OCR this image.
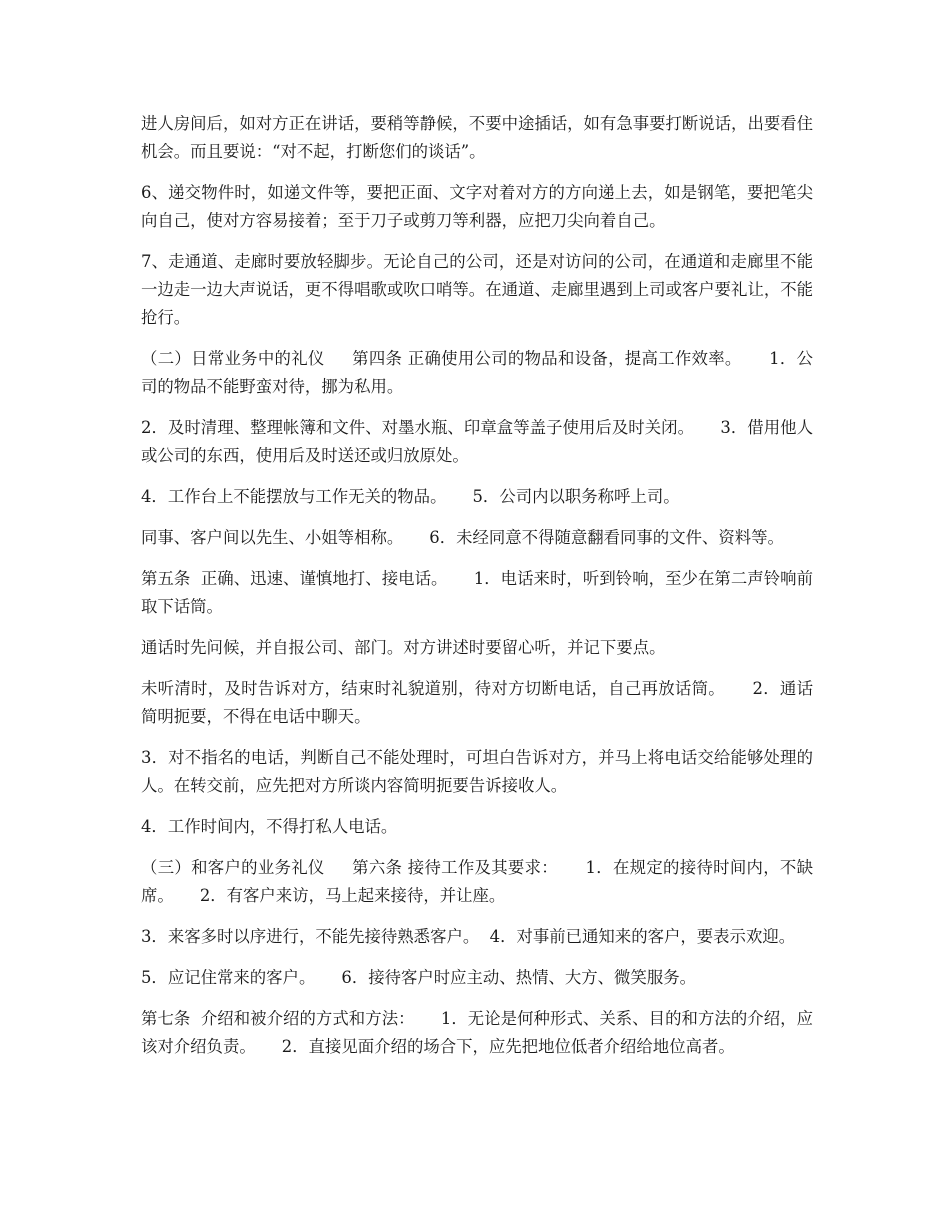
进人房间后，如对方正在讲话，要稍等静候，不要中途插话，如有急事要打断说话，出要看住机会。而且要说：“对不起，打断您们的谈话”。

6、递交物件时，如递文件等，要把正面、文字对着对方的方向递上去，如是钢笔，要把笔尖向自己，使对方容易接着；至于刀子或剪刀等利器，应把刀尖向着自己。

7、走通道、走廊时要放轻脚步。无论自己的公司，还是对访问的公司，在通道和走廊里不能一边走一边大声说话，更不得唱歌或吹口哨等。在通道、走廊里遇到上司或客户要礼让，不能抢行。

（二）日常业务中的礼仪     第四条 正确使用公司的物品和设备，提高工作效率。     1．公司的物品不能野蛮对待，挪为私用。

2．及时清理、整理帐簿和文件、对墨水瓶、印章盒等盖子使用后及时关闭。     3．借用他人或公司的东西，使用后及时送还或归放原处。

4．工作台上不能摆放与工作无关的物品。     5．公司内以职务称呼上司。

同事、客户间以先生、小姐等相称。     6．未经同意不得随意翻看同事的文件、资料等。

第五条  正确、迅速、谨慎地打、接电话。     1．电话来时，听到铃响，至少在第二声铃响前取下话筒。

通话时先问候，并自报公司、部门。对方讲述时要留心听，并记下要点。

未听清时，及时告诉对方，结束时礼貌道别，待对方切断电话，自己再放话筒。     2．通话简明扼要，不得在电话中聊天。

3．对不指名的电话，判断自己不能处理时，可坦白告诉对方，并马上将电话交给能够处理的人。在转交前，应先把对方所谈内容简明扼要告诉接收人。

4．工作时间内，不得打私人电话。

（三）和客户的业务礼仪     第六条 接待工作及其要求：     1．在规定的接待时间内，不缺席。     2．有客户来访，马上起来接待，并让座。

3．来客多时以序进行，不能先接待熟悉客户。  4．对事前已通知来的客户，要表示欢迎。

5．应记住常来的客户。     6．接待客户时应主动、热情、大方、微笑服务。

第七条  介绍和被介绍的方式和方法：     1．无论是何种形式、关系、目的和方法的介绍，应该对介绍负责。     2．直接见面介绍的场合下，应先把地位低者介绍给地位高者。
